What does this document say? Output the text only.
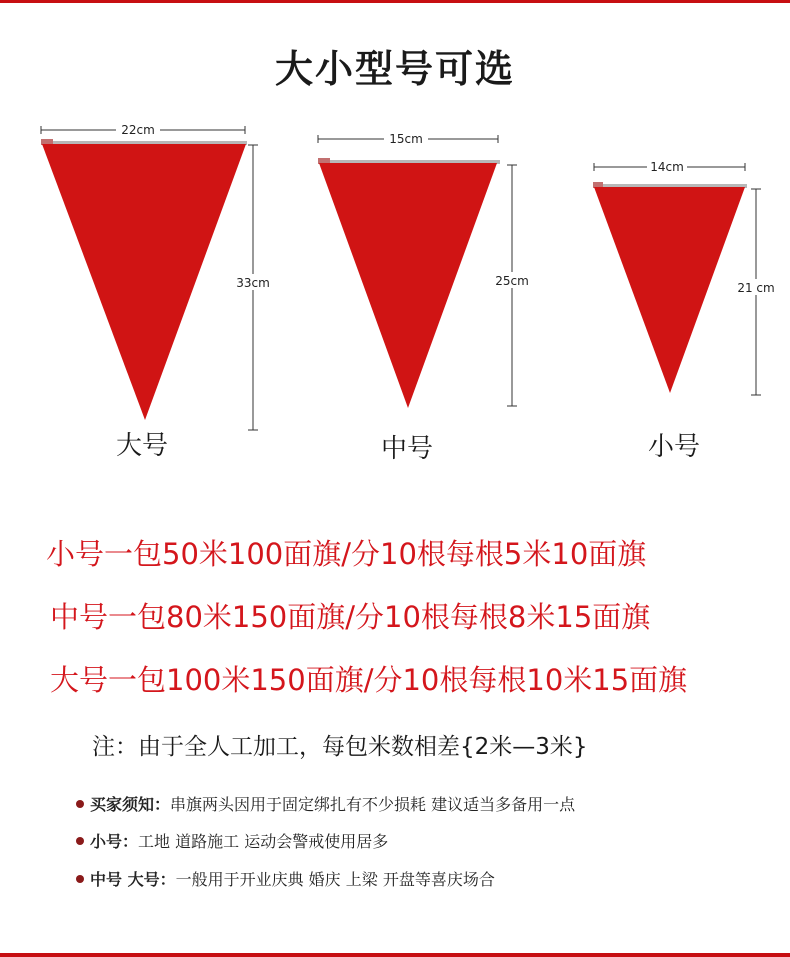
大小型号可选
22cm
33cm
15cm
25cm
14cm
21 cm
大号	中号	小号
小号一包50米100面旗/分10根每根5米10面旗
中号一包80米150面旗/分10根每根8米15面旗
大号一包100米150面旗/分10根每根10米15面旗
注：由于全人工加工，每包米数相差{2米—3米}
买家须知：串旗两头因用于固定绑扎有不少损耗 建议适当多备用一点
小号：工地 道路施工 运动会警戒使用居多
中号 大号：一般用于开业庆典 婚庆 上梁 开盘等喜庆场合
